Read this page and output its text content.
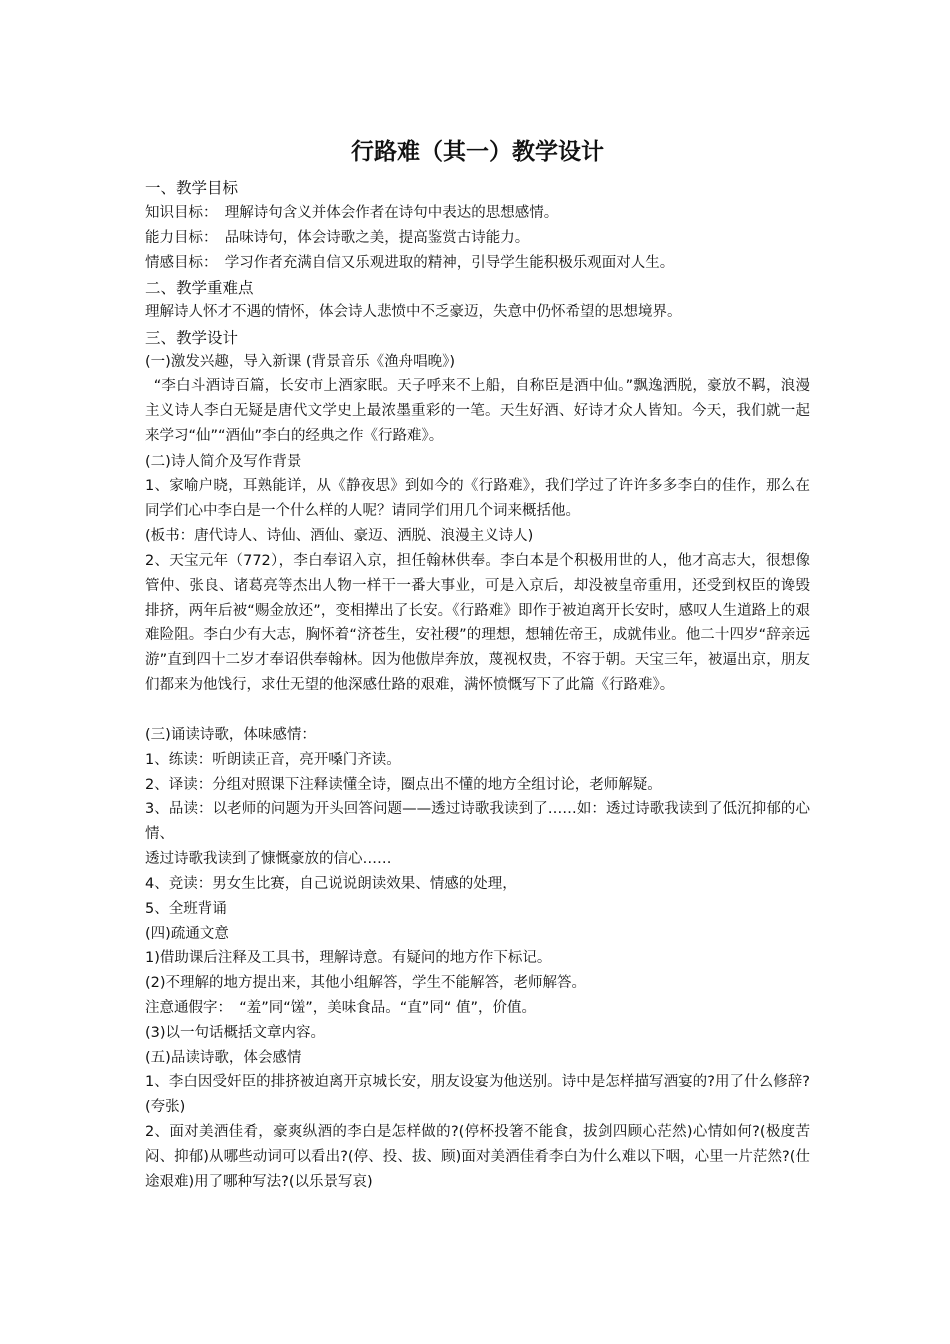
行路难（其一）教学设计
一、教学目标
知识目标：　理解诗句含义并体会作者在诗句中表达的思想感情。
能力目标：　品味诗句，体会诗歌之美，提高鉴赏古诗能力。
情感目标：　学习作者充满自信又乐观进取的精神，引导学生能积极乐观面对人生。
二、教学重难点
理解诗人怀才不遇的情怀，体会诗人悲愤中不乏豪迈，失意中仍怀希望的思想境界。
三、教学设计
(一)激发兴趣，导入新课 (背景音乐《渔舟唱晚》)
“李白斗酒诗百篇，长安市上酒家眠。天子呼来不上船，自称臣是酒中仙。”飘逸洒脱，豪放不羁，浪漫主义诗人李白无疑是唐代文学史上最浓墨重彩的一笔。天生好酒、好诗才众人皆知。今天，我们就一起来学习“仙”“酒仙”李白的经典之作《行路难》。
(二)诗人简介及写作背景
1、家喻户晓，耳熟能详，从《静夜思》到如今的《行路难》，我们学过了许许多多李白的佳作，那么在同学们心中李白是一个什么样的人呢？请同学们用几个词来概括他。
(板书：唐代诗人、诗仙、酒仙、豪迈、洒脱、浪漫主义诗人)
2、天宝元年（772），李白奉诏入京，担任翰林供奉。李白本是个积极用世的人，他才高志大，很想像管仲、张良、诸葛亮等杰出人物一样干一番大事业，可是入京后，却没被皇帝重用，还受到权臣的谗毁排挤，两年后被“赐金放还”，变相撵出了长安。《行路难》即作于被迫离开长安时，感叹人生道路上的艰难险阻。李白少有大志，胸怀着“济苍生，安社稷”的理想，想辅佐帝王，成就伟业。他二十四岁“辞亲远游”直到四十二岁才奉诏供奉翰林。因为他傲岸奔放，蔑视权贵，不容于朝。天宝三年，被逼出京，朋友们都来为他饯行，求仕无望的他深感仕路的艰难，满怀愤慨写下了此篇《行路难》。
(三)诵读诗歌，体味感情：
1、练读：听朗读正音，亮开嗓门齐读。
2、译读：分组对照课下注释读懂全诗，圈点出不懂的地方全组讨论，老师解疑。
3、品读：以老师的问题为开头回答问题——透过诗歌我读到了……如：透过诗歌我读到了低沉抑郁的心情、
透过诗歌我读到了慷慨豪放的信心……
4、竞读：男女生比赛，自己说说朗读效果、情感的处理，
5、全班背诵
(四)疏通文意
1)借助课后注释及工具书，理解诗意。有疑问的地方作下标记。
(2)不理解的地方提出来，其他小组解答，学生不能解答，老师解答。
注意通假字：　“羞”同“馐”，美味食品。“直”同“ 值”，价值。
(3)以一句话概括文章内容。
(五)品读诗歌，体会感情
1、李白因受奸臣的排挤被迫离开京城长安，朋友设宴为他送别。诗中是怎样描写酒宴的?用了什么修辞?(夸张)
2、面对美酒佳肴，豪爽纵酒的李白是怎样做的?(停杯投箸不能食，拔剑四顾心茫然)心情如何?(极度苦闷、抑郁)从哪些动词可以看出?(停、投、拔、顾)面对美酒佳肴李白为什么难以下咽，心里一片茫然?(仕途艰难)用了哪种写法?(以乐景写哀)
